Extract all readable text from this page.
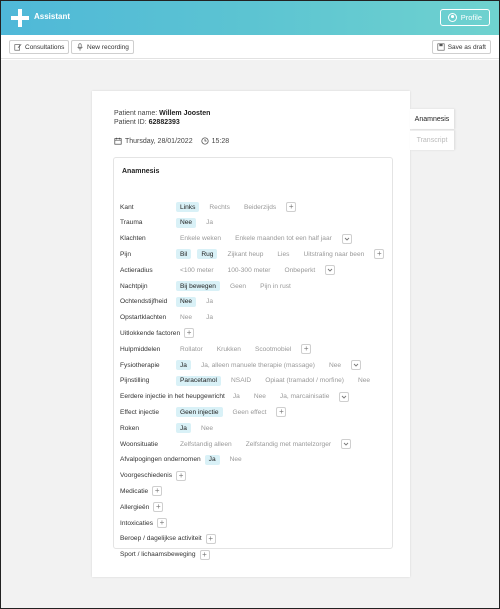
Assistant	Profile
Consultations	New recording	Save as draft
Anamnesis
Transcript
Patient name: Willem Joosten
Patient ID: 62882393
Thursday, 28/01/2022	15:28
Anamnesis
Kant	Links	Rechts	Beiderzijds	+
Trauma	Nee	Ja
Klachten	Enkele weken	Enkele maanden tot een half jaar
Pijn	Bil	Rug	Zijkant heup	Lies	Uitstraling naar been	+
Actieradius	<100 meter	100-300 meter	Onbeperkt
Nachtpijn	Bij bewegen	Geen	Pijn in rust
Ochtendstijfheid	Nee	Ja
Opstartklachten	Nee	Ja
Uitlokkende factoren +
Hulpmiddelen	Rollator	Krukken	Scootmobiel	+
Fysiotherapie	Ja	Ja, alleen manuele therapie (massage)	Nee
Pijnstilling	Paracetamol	NSAID	Opiaat (tramadol / morfine)	Nee
Eerdere injectie in het heupgewricht	Ja	Nee	Ja, marcainisatie
Effect injectie	Geen injectie	Geen effect	+
Roken	Ja	Nee
Woonsituatie	Zelfstandig alleen	Zelfstandig met mantelzorger
Afvalpogingen ondernomen	Ja	Nee
Voorgeschiedenis +
Medicatie +
Allergieën +
Intoxicaties +
Beroep / dagelijkse activiteit +
Sport / lichaamsbeweging +
